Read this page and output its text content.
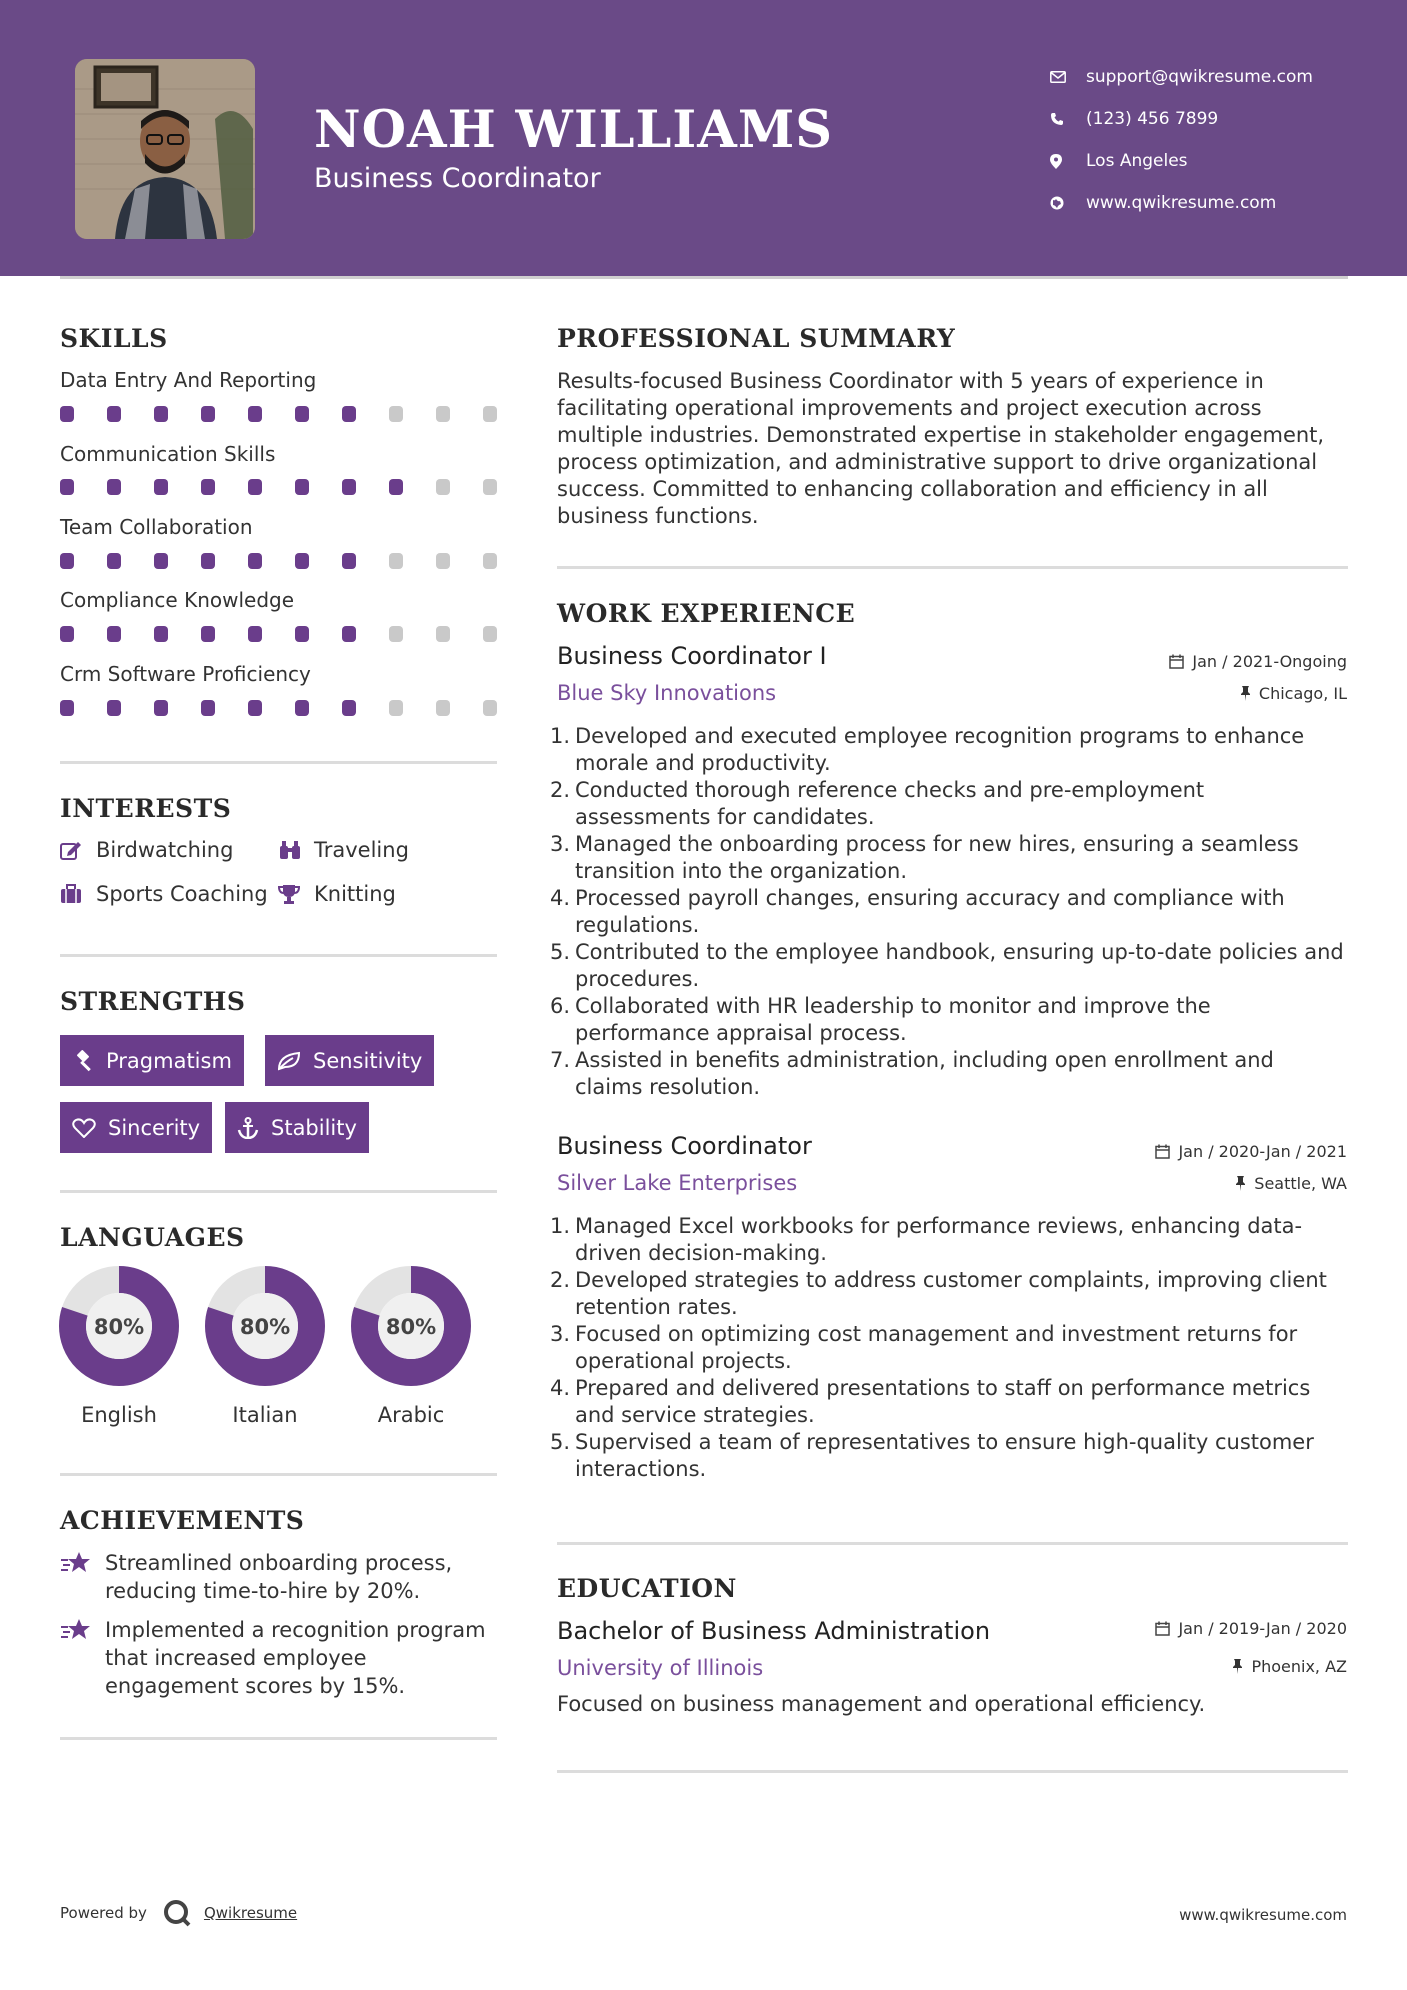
NOAH WILLIAMS
Business Coordinator
support@qwikresume.com
(123) 456 7899
Los Angeles
www.qwikresume.com
SKILLS
Data Entry And Reporting
Communication Skills
Team Collaboration
Compliance Knowledge
Crm Software Proficiency
INTERESTS
Birdwatching	Traveling
Sports Coaching Knitting
STRENGTHS
Pragmatism	Sensitivity
Sincerity	Stability
LANGUAGES
80%
English
80%
Italian
80%
Arabic
ACHIEVEMENTS
Streamlined onboarding process,
reducing time-to-hire by 20%.
Implemented a recognition program
that increased employee
engagement scores by 15%.
PROFESSIONAL SUMMARY
Results-focused Business Coordinator with 5 years of experience in
facilitating operational improvements and project execution across
multiple industries. Demonstrated expertise in stakeholder engagement,
process optimization, and administrative support to drive organizational
success. Committed to enhancing collaboration and efficiency in all
business functions.
WORK EXPERIENCE
Business Coordinator I	Jan / 2021-Ongoing
Blue Sky Innovations	Chicago, IL
1. Developed and executed employee recognition programs to enhance
morale and productivity.
2. Conducted thorough reference checks and pre-employment
assessments for candidates.
3. Managed the onboarding process for new hires, ensuring a seamless
transition into the organization.
4. Processed payroll changes, ensuring accuracy and compliance with
regulations.
5. Contributed to the employee handbook, ensuring up-to-date policies and
procedures.
6. Collaborated with HR leadership to monitor and improve the
performance appraisal process.
7. Assisted in benefits administration, including open enrollment and
claims resolution.
Business Coordinator	Jan / 2020-Jan / 2021
Silver Lake Enterprises	Seattle, WA
1. Managed Excel workbooks for performance reviews, enhancing data-
driven decision-making.
2. Developed strategies to address customer complaints, improving client
retention rates.
3. Focused on optimizing cost management and investment returns for
operational projects.
4. Prepared and delivered presentations to staff on performance metrics
and service strategies.
5. Supervised a team of representatives to ensure high-quality customer
interactions.
EDUCATION
Bachelor of Business Administration	Jan / 2019-Jan / 2020
University of Illinois	Phoenix, AZ
Focused on business management and operational efficiency.
Powered by	Qwikresume	www.qwikresume.com
